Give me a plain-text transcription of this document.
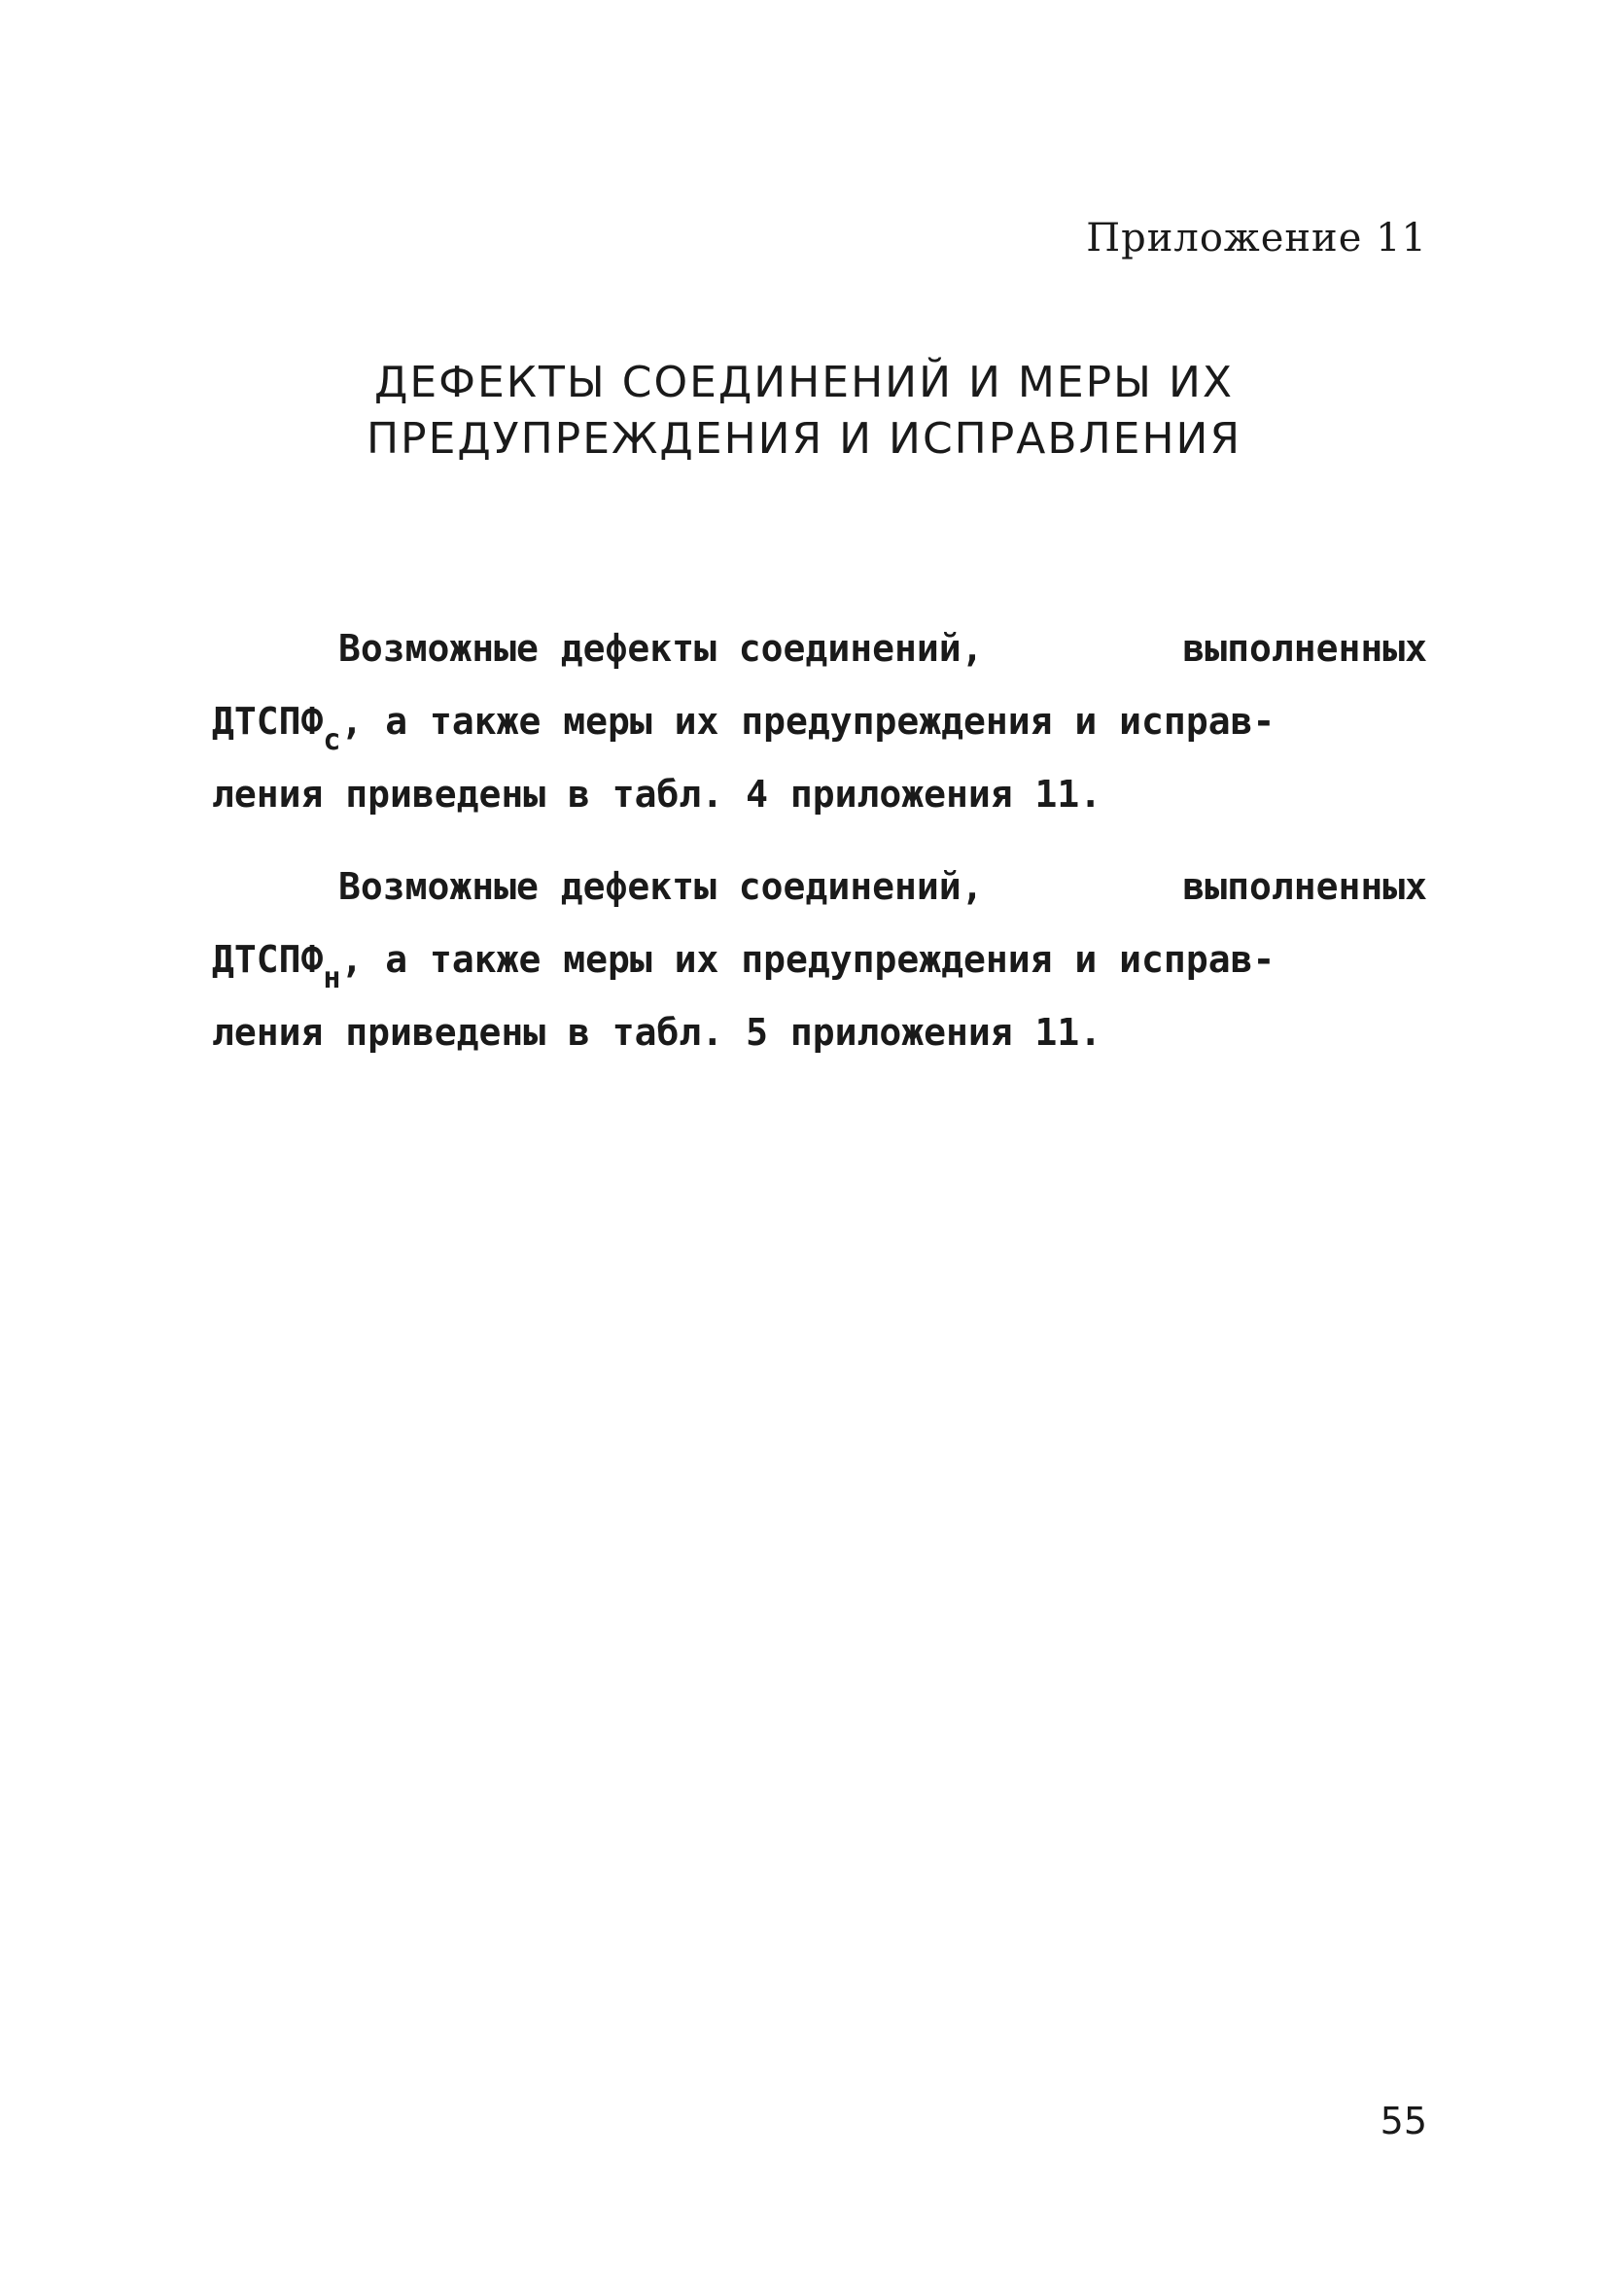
Приложение 11
ДЕФЕКТЫ СОЕДИНЕНИЙ И МЕРЫ ИХ
ПРЕДУПРЕЖДЕНИЯ И ИСПРАВЛЕНИЯ
Возможные дефекты соединений,	выполненных
$ДТСПФ_с$, а также меры их предупреждения и исправ-
ления приведены в табл. 4 приложения 11.
Возможные дефекты соединений,	выполненных
$ДТСПФ_н$, а также меры их предупреждения и исправ-
ления приведены в табл. 5 приложения 11.
55
